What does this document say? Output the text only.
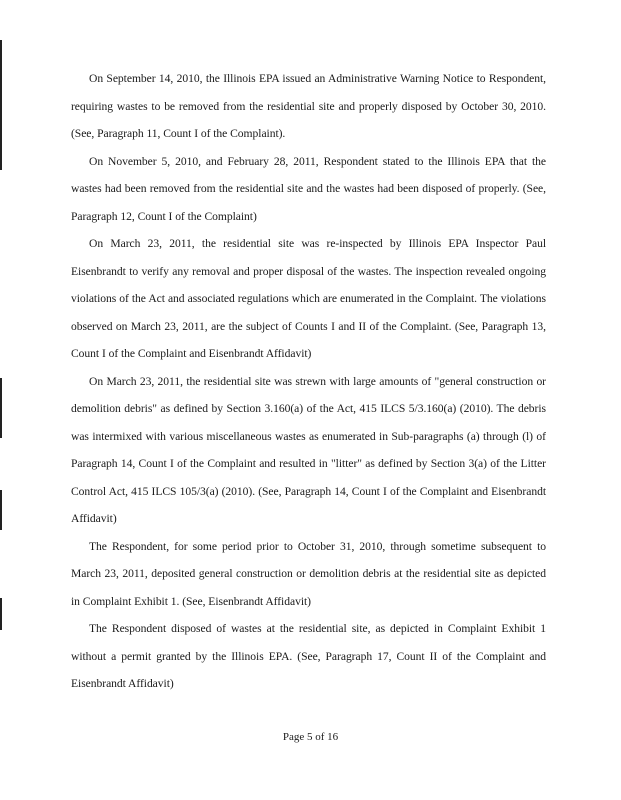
On September 14, 2010, the Illinois EPA issued an Administrative Warning Notice to Respondent, requiring wastes to be removed from the residential site and properly disposed by October 30, 2010. (See, Paragraph 11, Count I of the Complaint).

On November 5, 2010, and February 28, 2011, Respondent stated to the Illinois EPA that the wastes had been removed from the residential site and the wastes had been disposed of properly. (See, Paragraph 12, Count I of the Complaint)

On March 23, 2011, the residential site was re-inspected by Illinois EPA Inspector Paul Eisenbrandt to verify any removal and proper disposal of the wastes. The inspection revealed ongoing violations of the Act and associated regulations which are enumerated in the Complaint. The violations observed on March 23, 2011, are the subject of Counts I and II of the Complaint. (See, Paragraph 13, Count I of the Complaint and Eisenbrandt Affidavit)

On March 23, 2011, the residential site was strewn with large amounts of "general construction or demolition debris" as defined by Section 3.160(a) of the Act, 415 ILCS 5/3.160(a) (2010). The debris was intermixed with various miscellaneous wastes as enumerated in Sub-paragraphs (a) through (l) of Paragraph 14, Count I of the Complaint and resulted in "litter" as defined by Section 3(a) of the Litter Control Act, 415 ILCS 105/3(a) (2010). (See, Paragraph 14, Count I of the Complaint and Eisenbrandt Affidavit)

The Respondent, for some period prior to October 31, 2010, through sometime subsequent to March 23, 2011, deposited general construction or demolition debris at the residential site as depicted in Complaint Exhibit 1. (See, Eisenbrandt Affidavit)

The Respondent disposed of wastes at the residential site, as depicted in Complaint Exhibit 1 without a permit granted by the Illinois EPA. (See, Paragraph 17, Count II of the Complaint and Eisenbrandt Affidavit)

Page 5 of 16
